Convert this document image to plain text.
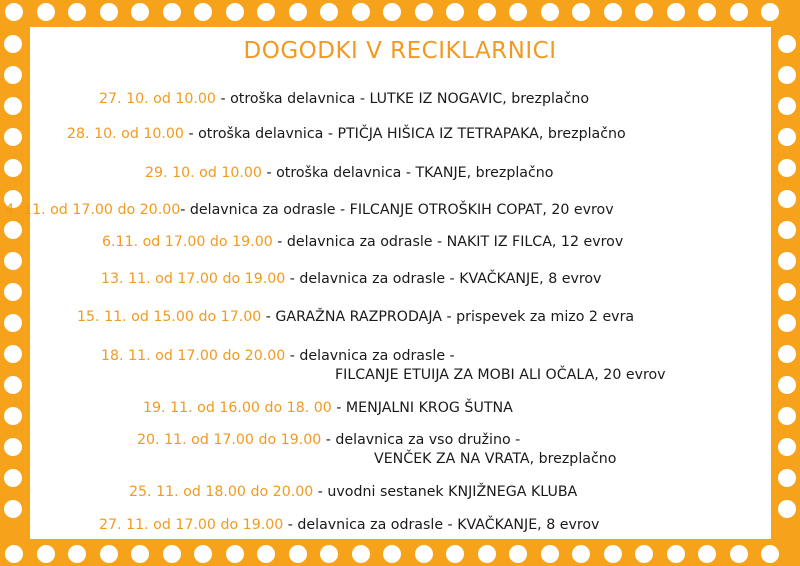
DOGODKI V RECIKLARNICI
27. 10. od 10.00 - otroška delavnica - LUTKE IZ NOGAVIC, brezplačno
28. 10. od 10.00 - otroška delavnica - PTIČJA HIŠICA IZ TETRAPAKA, brezplačno
29. 10. od 10.00 - otroška delavnica - TKANJE, brezplačno
4. 11. od 17.00 do 20.00- delavnica za odrasle - FILCANJE OTROŠKIH COPAT, 20 evrov
6.11. od 17.00 do 19.00 - delavnica za odrasle - NAKIT IZ FILCA, 12 evrov
13. 11. od 17.00 do 19.00 - delavnica za odrasle - KVAČKANJE, 8 evrov
15. 11. od 15.00 do 17.00 - GARAŽNA RAZPRODAJA - prispevek za mizo 2 evra
18. 11. od 17.00 do 20.00 - delavnica za odrasle -
FILCANJE ETUIJA ZA MOBI ALI OČALA, 20 evrov
19. 11. od 16.00 do 18. 00 - MENJALNI KROG ŠUTNA
20. 11. od 17.00 do 19.00 - delavnica za vso družino -
VENČEK ZA NA VRATA, brezplačno
25. 11. od 18.00 do 20.00 - uvodni sestanek KNJIŽNEGA KLUBA
27. 11. od 17.00 do 19.00 - delavnica za odrasle - KVAČKANJE, 8 evrov
